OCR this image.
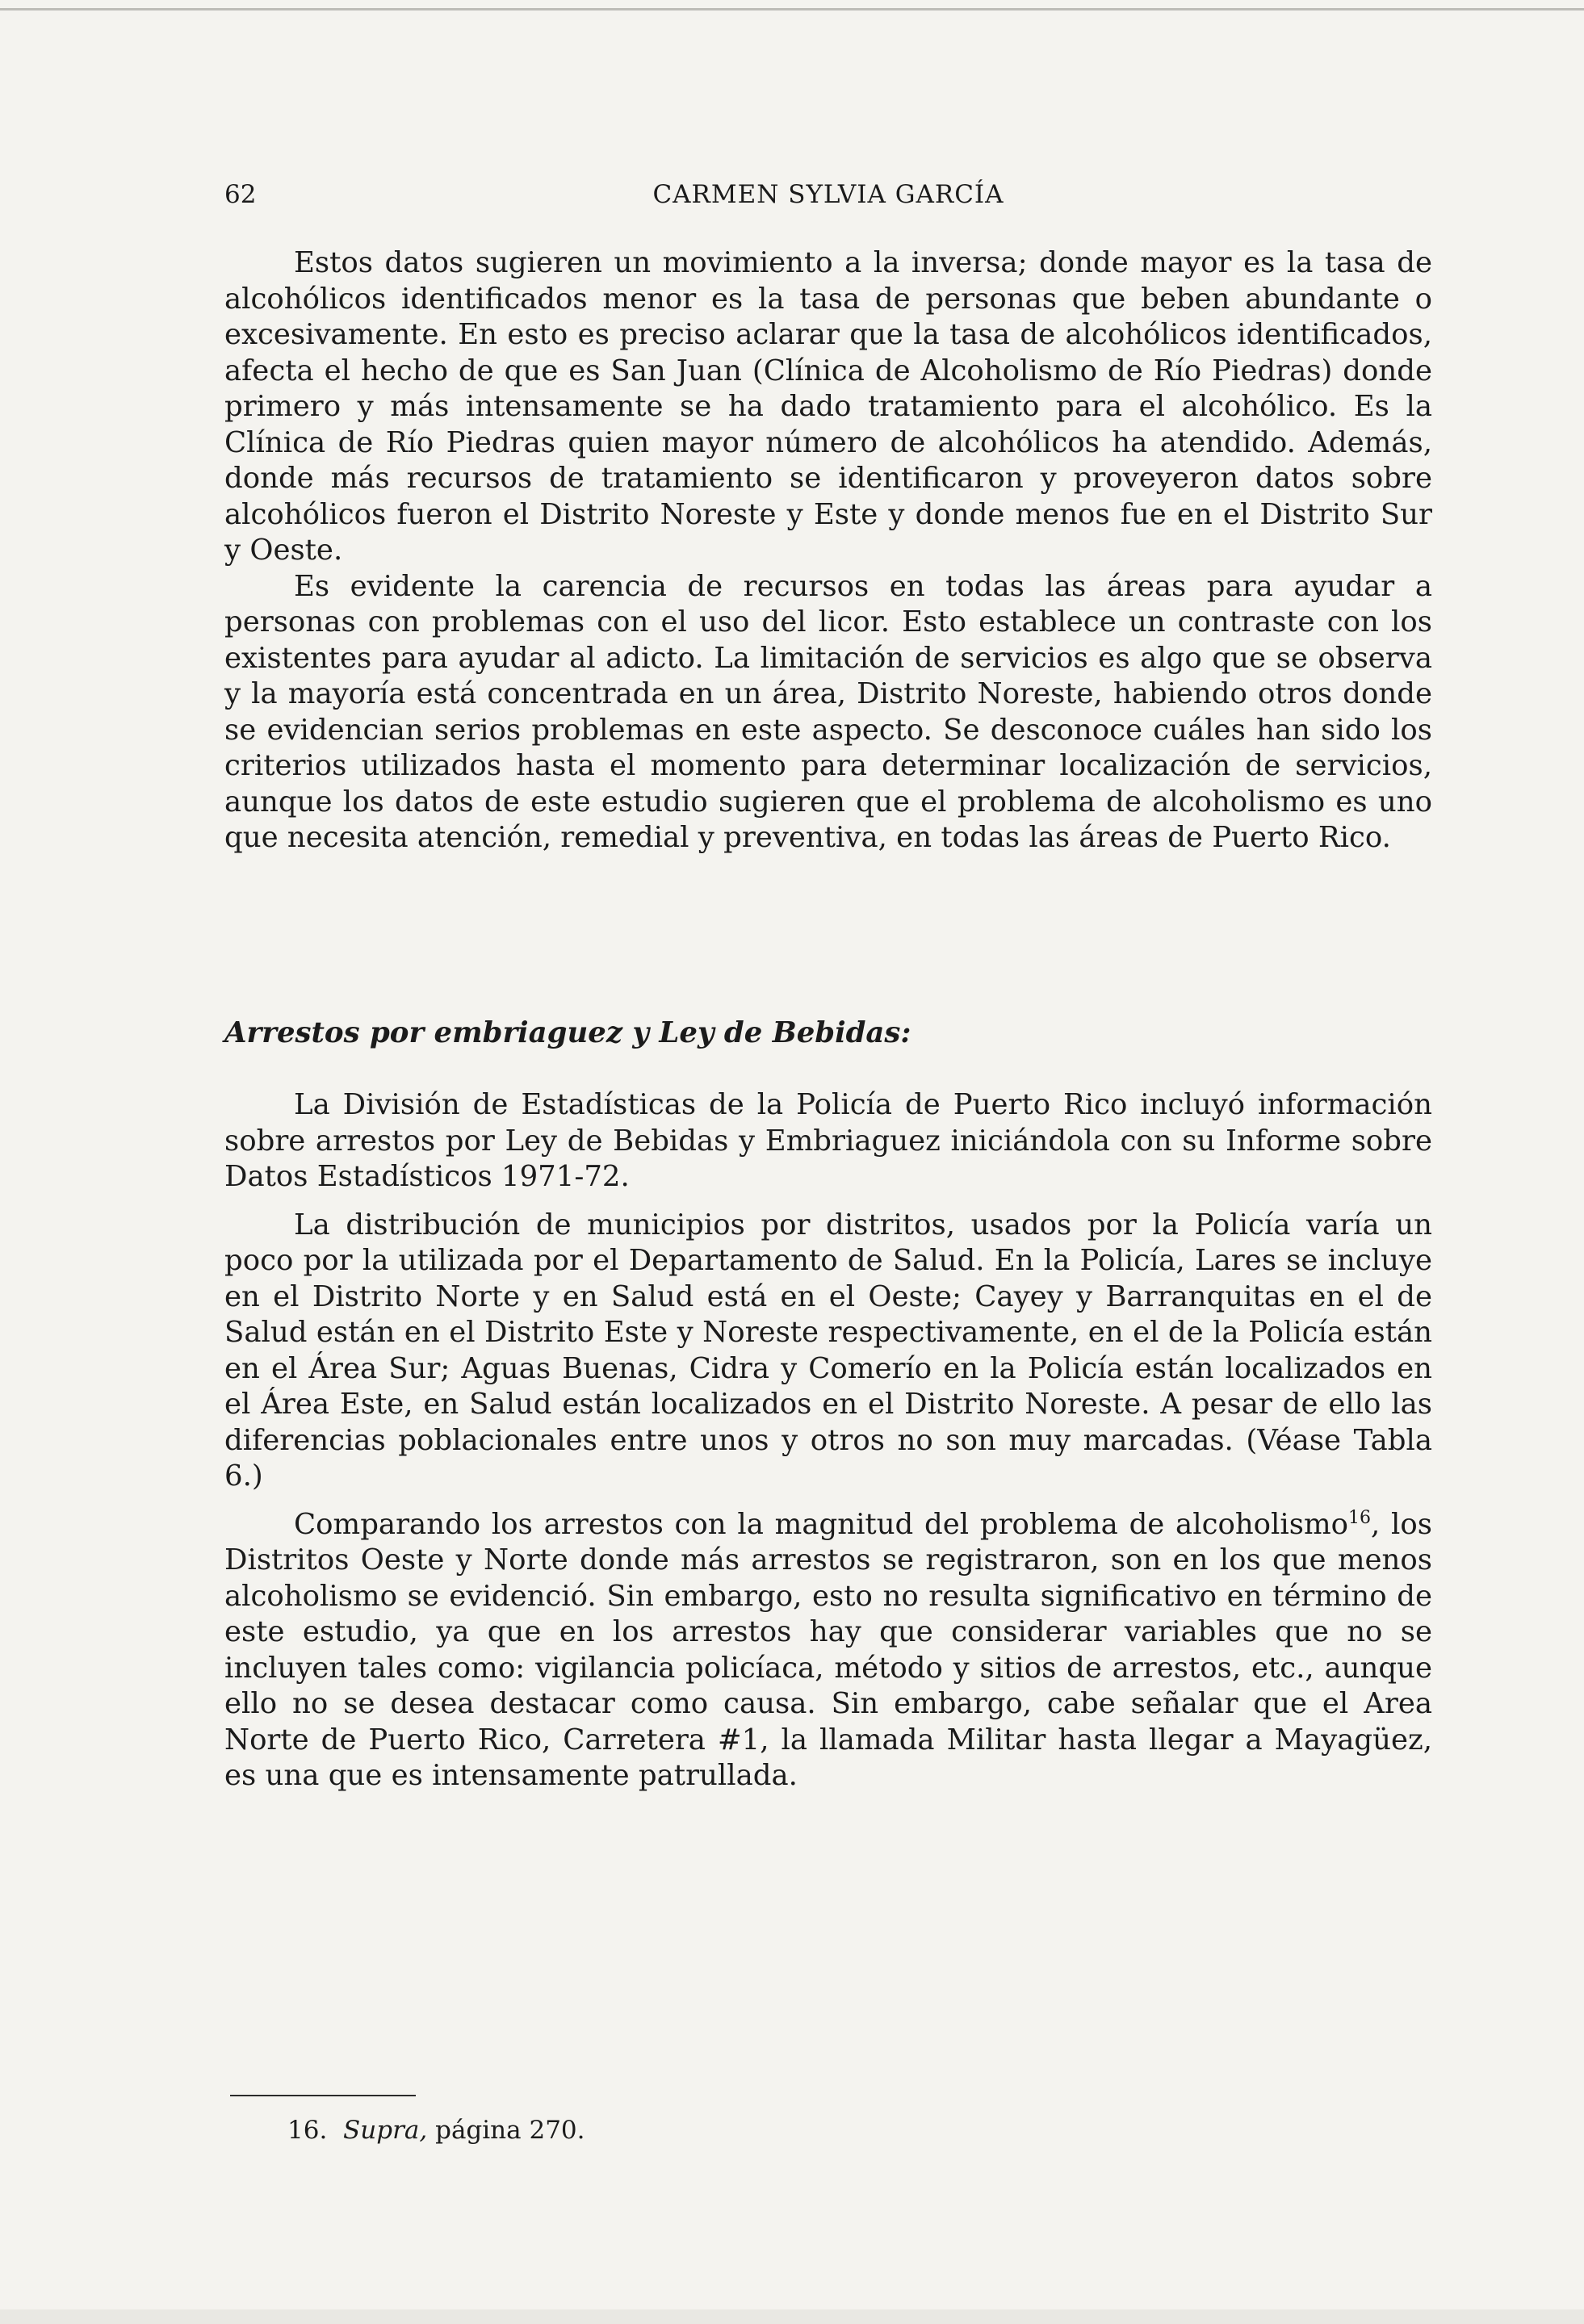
62	CARMEN SYLVIA GARCÍA

Estos datos sugieren un movimiento a la inversa; donde mayor es la tasa de alcohólicos identificados menor es la tasa de personas que beben abundante o excesivamente. En esto es preciso aclarar que la tasa de alcohólicos identificados, afecta el hecho de que es San Juan (Clínica de Alcoholismo de Río Piedras) donde primero y más intensamente se ha dado tratamiento para el alcohólico. Es la Clínica de Río Piedras quien mayor número de alcohólicos ha atendido. Además, donde más recursos de tratamiento se identificaron y proveyeron datos sobre alcohólicos fueron el Distrito Noreste y Este y donde menos fue en el Distrito Sur y Oeste.

Es evidente la carencia de recursos en todas las áreas para ayudar a personas con problemas con el uso del licor. Esto establece un contraste con los existentes para ayudar al adicto. La limitación de servicios es algo que se observa y la mayoría está concentrada en un área, Distrito Noreste, habiendo otros donde se evidencian serios problemas en este aspecto. Se desconoce cuáles han sido los criterios utilizados hasta el momento para determinar localización de servicios, aunque los datos de este estudio sugieren que el problema de alcoholismo es uno que necesita atención, remedial y preventiva, en todas las áreas de Puerto Rico.

Arrestos por embriaguez y Ley de Bebidas:

La División de Estadísticas de la Policía de Puerto Rico incluyó información sobre arrestos por Ley de Bebidas y Embriaguez iniciándola con su Informe sobre Datos Estadísticos 1971-72.

La distribución de municipios por distritos, usados por la Policía varía un poco por la utilizada por el Departamento de Salud. En la Policía, Lares se incluye en el Distrito Norte y en Salud está en el Oeste; Cayey y Barranquitas en el de Salud están en el Distrito Este y Noreste respectivamente, en el de la Policía están en el Área Sur; Aguas Buenas, Cidra y Comerío en la Policía están localizados en el Área Este, en Salud están localizados en el Distrito Noreste. A pesar de ello las diferencias poblacionales entre unos y otros no son muy marcadas. (Véase Tabla 6.)

Comparando los arrestos con la magnitud del problema de alcoholismo$^{16}$, los Distritos Oeste y Norte donde más arrestos se registraron, son en los que menos alcoholismo se evidenció. Sin embargo, esto no resulta significativo en término de este estudio, ya que en los arrestos hay que considerar variables que no se incluyen tales como: vigilancia policíaca, método y sitios de arrestos, etc., aunque ello no se desea destacar como causa. Sin embargo, cabe señalar que el Area Norte de Puerto Rico, Carretera #1, la llamada Militar hasta llegar a Mayagüez, es una que es intensamente patrullada.

16. Supra, página 270.
